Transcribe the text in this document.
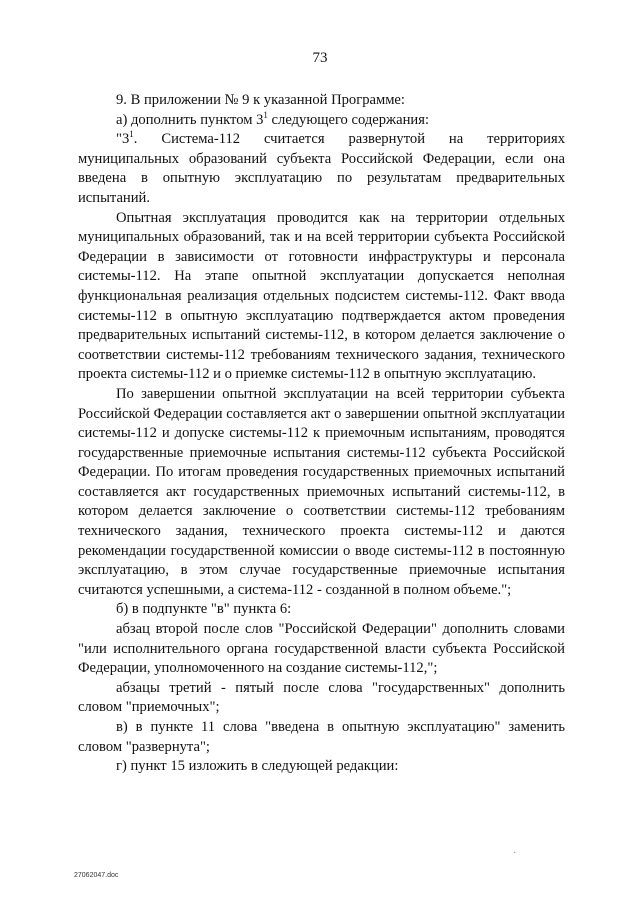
73

9. В приложении № 9 к указанной Программе:

а) дополнить пунктом $3^1$ следующего содержания:

"$3^1$. Система-112 считается развернутой на территориях муниципальных образований субъекта Российской Федерации, если она введена в опытную эксплуатацию по результатам предварительных испытаний.

Опытная эксплуатация проводится как на территории отдельных муниципальных образований, так и на всей территории субъекта Российской Федерации в зависимости от готовности инфраструктуры и персонала системы-112. На этапе опытной эксплуатации допускается неполная функциональная реализация отдельных подсистем системы-112. Факт ввода системы-112 в опытную эксплуатацию подтверждается актом проведения предварительных испытаний системы-112, в котором делается заключение о соответствии системы-112 требованиям технического задания, технического проекта системы-112 и о приемке системы-112 в опытную эксплуатацию.

По завершении опытной эксплуатации на всей территории субъекта Российской Федерации составляется акт о завершении опытной эксплуатации системы-112 и допуске системы-112 к приемочным испытаниям, проводятся государственные приемочные испытания системы-112 субъекта Российской Федерации. По итогам проведения государственных приемочных испытаний составляется акт государственных приемочных испытаний системы-112, в котором делается заключение о соответствии системы-112 требованиям технического задания, технического проекта системы-112 и даются рекомендации государственной комиссии о вводе системы-112 в постоянную эксплуатацию, в этом случае государственные приемочные испытания считаются успешными, а система-112 - созданной в полном объеме.";

б) в подпункте "в" пункта 6:

абзац второй после слов "Российской Федерации" дополнить словами "или исполнительного органа государственной власти субъекта Российской Федерации, уполномоченного на создание системы-112,";

абзацы третий - пятый после слова "государственных" дополнить словом "приемочных";

в) в пункте 11 слова "введена в опытную эксплуатацию" заменить словом "развернута";

г) пункт 15 изложить в следующей редакции:

·
27062047.doc
